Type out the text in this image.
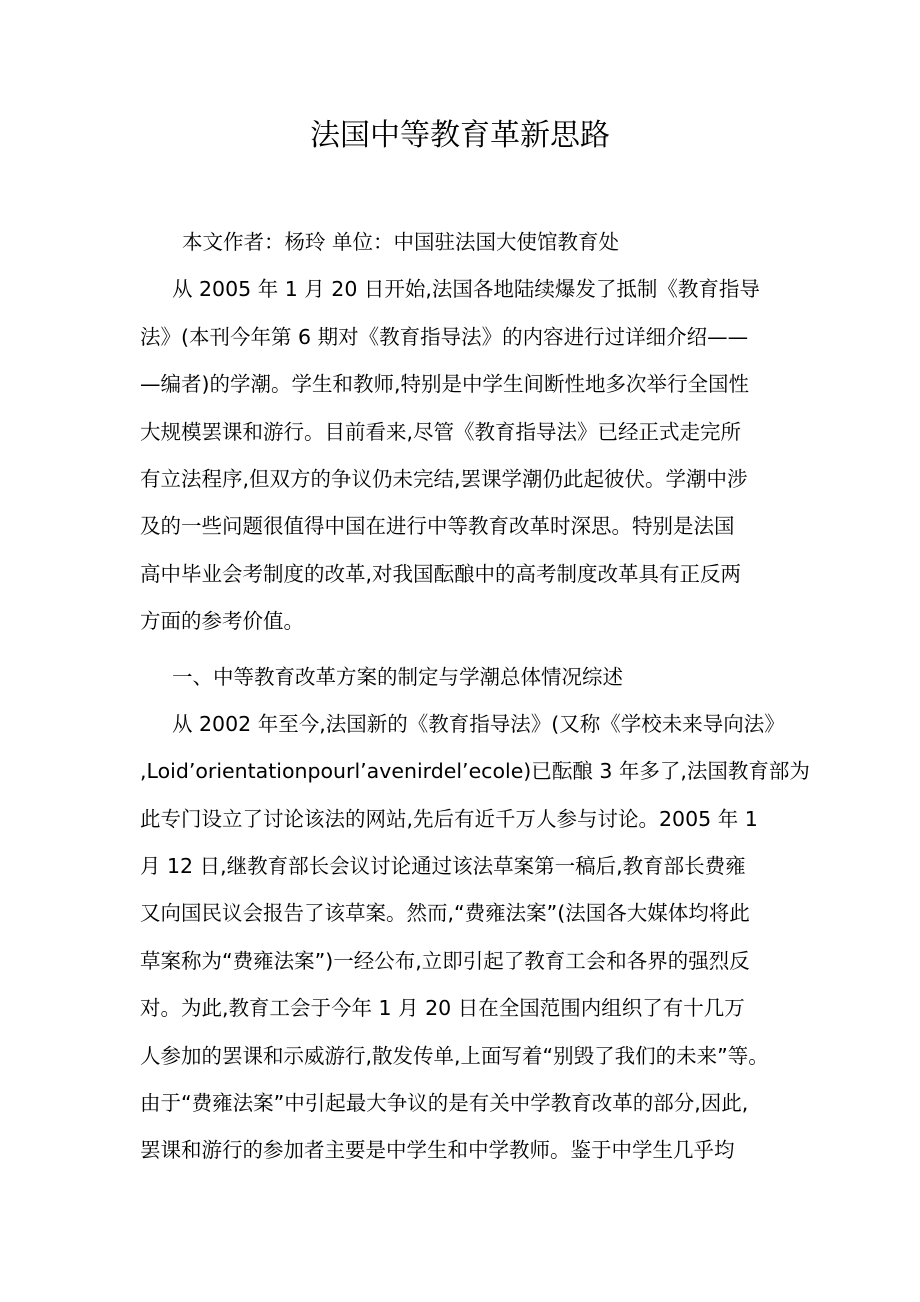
法国中等教育革新思路
本文作者：杨玲 单位：中国驻法国大使馆教育处
从 2005 年 1 月 20 日开始,法国各地陆续爆发了抵制《教育指导
法》(本刊今年第 6 期对《教育指导法》的内容进行过详细介绍——
—编者)的学潮。学生和教师,特别是中学生间断性地多次举行全国性
大规模罢课和游行。目前看来,尽管《教育指导法》已经正式走完所
有立法程序,但双方的争议仍未完结,罢课学潮仍此起彼伏。学潮中涉
及的一些问题很值得中国在进行中等教育改革时深思。特别是法国
高中毕业会考制度的改革,对我国酝酿中的高考制度改革具有正反两
方面的参考价值。
一、中等教育改革方案的制定与学潮总体情况综述
从 2002 年至今,法国新的《教育指导法》(又称《学校未来导向法》
,Loid’orientationpourl’avenirdel’ecole)已酝酿 3 年多了,法国教育部为
此专门设立了讨论该法的网站,先后有近千万人参与讨论。2005 年 1
月 12 日,继教育部长会议讨论通过该法草案第一稿后,教育部长费雍
又向国民议会报告了该草案。然而,“费雍法案”(法国各大媒体均将此
草案称为“费雍法案”)一经公布,立即引起了教育工会和各界的强烈反
对。为此,教育工会于今年 1 月 20 日在全国范围内组织了有十几万
人参加的罢课和示威游行,散发传单,上面写着“别毁了我们的未来”等。
由于“费雍法案”中引起最大争议的是有关中学教育改革的部分,因此,
罢课和游行的参加者主要是中学生和中学教师。鉴于中学生几乎均
